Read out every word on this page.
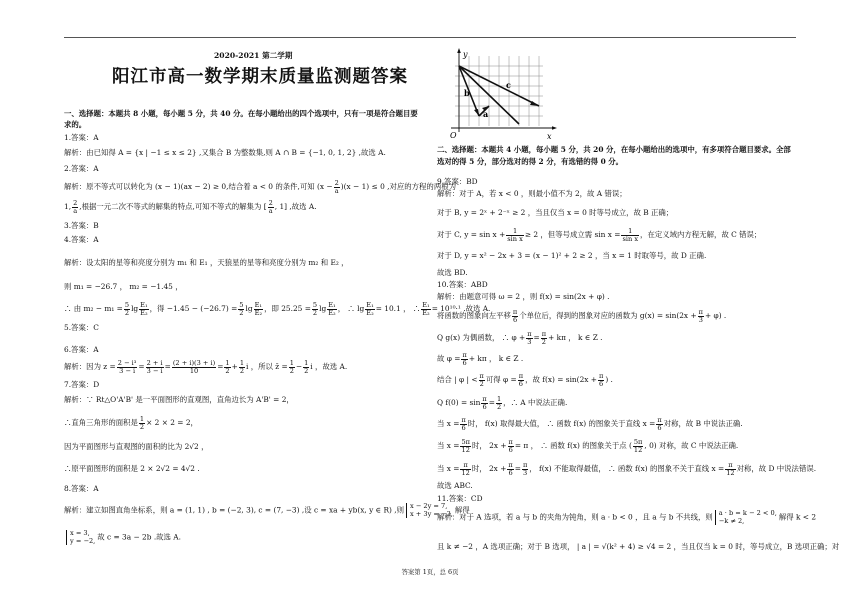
2020-2021 第二学期
阳江市高一数学期末质量监测题答案
一、选择题：本题共 8 小题，每小题 5 分，共 40 分。在每小题给出的四个选项中，只有一项是符合题目要
求的。
1.答案：A
解析：由已知得 A = {x | −1 ≤ x ≤ 2} ,又集合 B 为整数集,则 A ∩ B = {−1, 0, 1, 2} ,故选 A.
2.答案：A
解析：原不等式可以转化为 (x − 1)(ax − 2) ≥ 0,结合着 a < 0 的条件,可知 $(x - \frac{2}{a} )(x - 1) \le 0$ ,对应的方程的两根为
1, $\frac{2}{a}$ ,根据一元二次不等式的解集的特点,可知不等式的解集为 [ $\frac{2}{a}$ , 1] ,故选 A.
3.答案：B
4.答案：A
解析：设太阳的星等和亮度分别为 m₁ 和 E₁ ，天狼星的星等和亮度分别为 m₂ 和 E₂ ，
则 m₁ = −26.7 ， m₂ = −1.45 ，
∴ 由 $m_2 - m_1 = \frac{5}{2}$ $\lg \frac{\text{E₁}}{\text{E₂}}$ ，得 $-1.45 - (-26.7) = \frac{5}{2}$ $\lg \frac{\text{E₁}}{\text{E₂}}$ ，即 $25.25 = \frac{5}{2}$ $\lg \frac{\text{E₁}}{\text{E₂}}$ ， ∴ $\lg \frac{\text{E₁}}{\text{E₂}} = 10.1$ ， ∴ $\frac{\text{E₁}}{\text{E₂}} = 10^{10}\cdot^1$ .故选 A.
5.答案：C
6.答案：A
解析：因为 $z = \frac{\text{2 − i³}}{3 - i} = \frac{2 + i}{3 - i} = \frac{(2 + i)(3 + i)}{10} = \frac{1}{2} + \frac{1}{2}$ i ，所以 z̄ = $\frac{1}{2} - \frac{1}{2}$ i ，故选 A.
7.答案：D
解析：∵ Rt△O'A'B' 是一平面图形的直观图，直角边长为 A'B' = 2，
∴直角三角形的面积是 $\frac{1}{2} \times 2 \times 2 = 2$，
因为平面图形与直观图的面积的比为 2√2 ，
∴原平面图形的面积是 2 × 2√2 = 4√2 .
8.答案：A
解析：建立如图直角坐标系，则 a = (1, 1) , b = (−2, 3), c = (7, −3) ,设 c = xa + yb(x, y ∈ R) ,则 x − 2y = 7,
x + 3y = −3, 解得
x = 3,
y = −2, 故 c = 3a − 2b .故选 A.
y
b
c
a
O	x
二、选择题：本题共 4 小题，每小题 5 分，共 20 分，在每小题给出的选项中，有多项符合题目要求。全部
选对的得 5 分，部分选对的得 2 分，有选错的得 0 分。
9.答案：BD
解析：对于 A，若 x < 0 ，则最小值不为 2，故 A 错误；
对于 B, y = 2ˣ + 2⁻ˣ ≥ 2 ，当且仅当 x = 0 时等号成立，故 B 正确；
对于 C, $y = \sin x + \frac{1}{\text{sin x}} \ge 2$ ，但等号成立需 $\sin x = \frac{1}{\text{sin x}}$ ，在定义域内方程无解，故 C 错误；
对于 D, y = x² − 2x + 3 = (x − 1)² + 2 ≥ 2 ，当 x = 1 时取等号，故 D 正确.
故选 BD.
10.答案：ABD
解析：由题意可得 ω = 2 ，则 f(x) = sin(2x + φ) .
将函数的图象向左平移 $\frac{\pi}{6}$ 个单位后，得到的图象对应的函数为 $g(x) = \sin(2x + \frac{\pi}{3} + \varphi)$ .
Q g(x) 为偶函数， ∴ $\varphi + \frac{\pi}{3} = \frac{\pi}{2} + k\pi$ ， k ∈ Z .
故 $\varphi = \frac{\pi}{6} + k\pi$ ， k ∈ Z .
结合 | φ | < $\frac{\pi}{2}$ 可得 $\varphi = \frac{\pi}{6}$ ，故 $f(x) = \sin(2x + \frac{\pi}{6}$ ) .
Q $f(0) = \sin \frac{\pi}{6} = \frac{1}{2}$ ，∴ A 中说法正确.
当 $x = \frac{\pi}{6}$ 时， f(x) 取得最大值， ∴ 函数 f(x) 的图象关于直线 $x = \frac{\pi}{6}$ 对称，故 B 中说法正确.
当 $x = \frac{5\pi}{12}$ 时， $2x + \frac{\pi}{6} = \pi$ ， ∴ 函数 f(x) 的图象关于点 ( $\frac{5\pi}{12}$ , 0) 对称，故 C 中说法正确.
当 $x = \frac{\pi}{12}$ 时， $2x + \frac{\pi}{6} = \frac{\pi}{3}$ ， f(x) 不能取得最值， ∴ 函数 f(x) 的图象不关于直线 $x = \frac{\pi}{12}$ 对称，故 D 中说法错误.
故选 ABC.
11.答案：CD
解析：对于 A 选项，若 a 与 b 的夹角为钝角，则 a · b < 0 ，且 a 与 b 不共线，则 a · b = k − 2 < 0,
−k ≠ 2,	解得 k < 2
且 k ≠ −2 ，A 选项正确；对于 B 选项， | a | = √(k² + 4) ≥ √4 = 2 ，当且仅当 k = 0 时，等号成立，B 选项正确；对
答案第 1页，总 6页
